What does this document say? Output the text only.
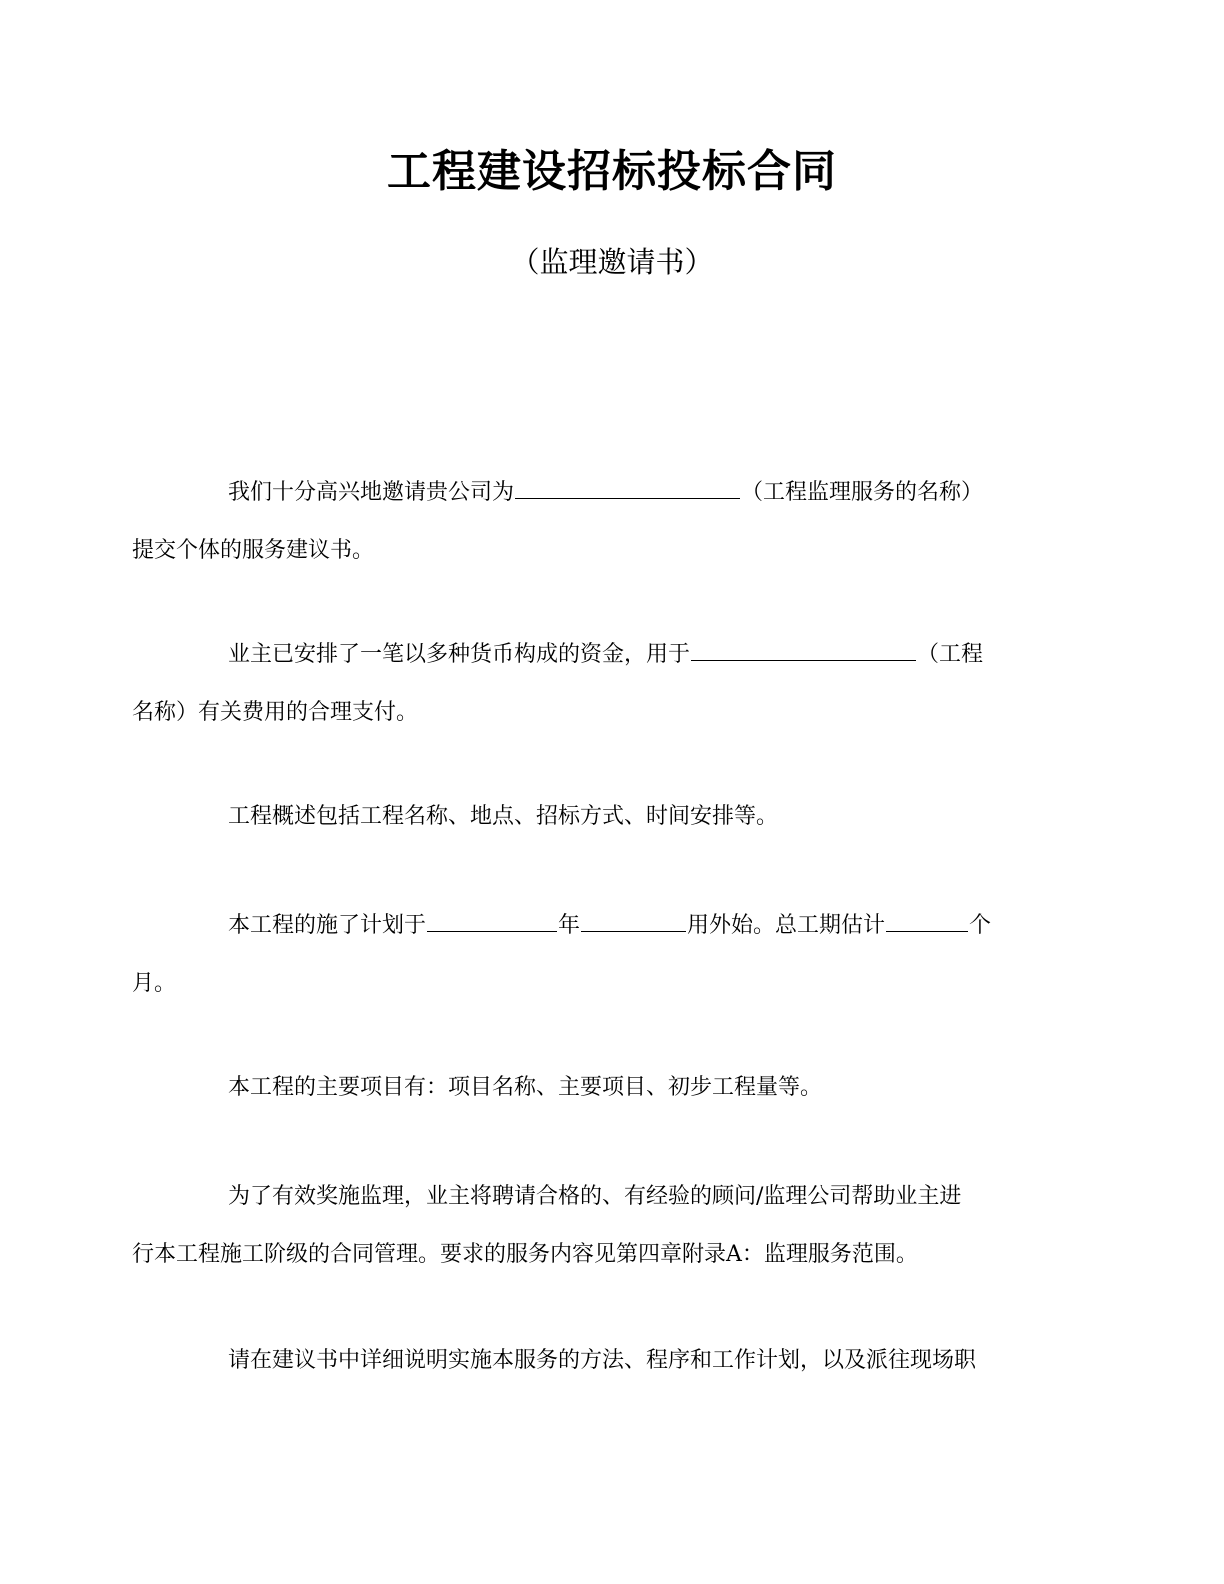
工程建设招标投标合同
（监理邀请书）
我们十分高兴地邀请贵公司为	（工程监理服务的名称）
提交个体的服务建议书。
业主已安排了一笔以多种货币构成的资金，用于	（工程
名称）有关费用的合理支付。
工程概述包括工程名称、地点、招标方式、时间安排等。
本工程的施了计划于	年	用外始。总工期估计	个
月。
本工程的主要项目有：项目名称、主要项目、初步工程量等。
为了有效奖施监理，业主将聘请合格的、有经验的顾问/监理公司帮助业主进
行本工程施工阶级的合同管理。要求的服务内容见第四章附录A：监理服务范围。
请在建议书中详细说明实施本服务的方法、程序和工作计划，以及派往现场职
